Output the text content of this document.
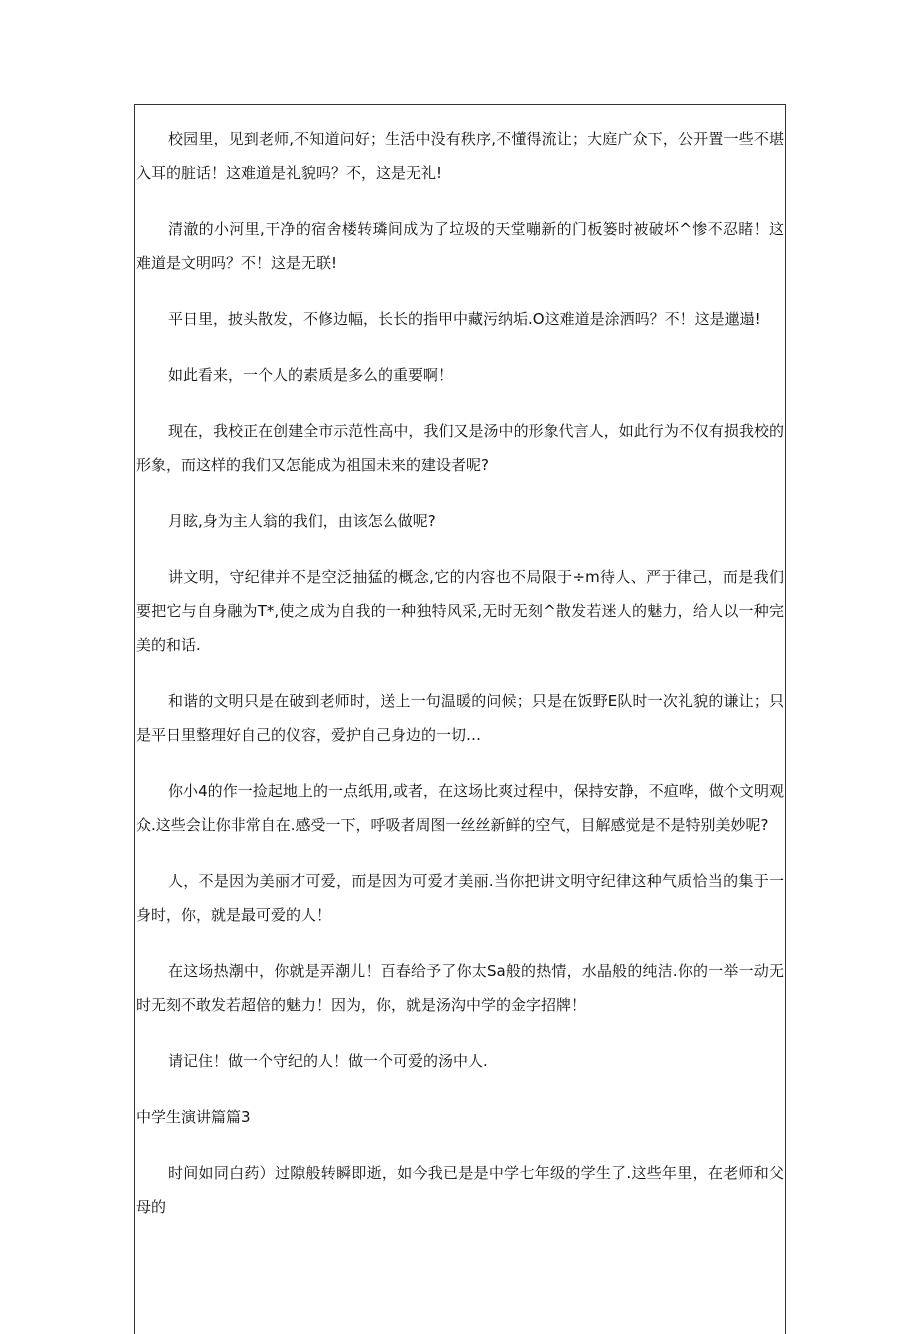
校园里，见到老师,不知道问好；生活中没有秩序,不懂得流让；大庭广众下，公开置一些不堪入耳的脏话！这难道是礼貌吗？不，这是无礼!

清澈的小河里,干净的宿舍楼转璘间成为了垃圾的天堂嘣新的门板篓时被破坏^惨不忍睹！这难道是文明吗？不！这是无联!

平日里，披头散发，不修边幅，长长的指甲中藏污纳垢.O这难道是涂洒吗？不！这是邋遢!

如此看来，一个人的素质是多么的重要啊！

现在，我校正在创建全市示范性高中，我们又是汤中的形象代言人，如此行为不仅有损我校的形象，而这样的我们又怎能成为祖国未来的建设者呢?

月眩,身为主人翁的我们，由该怎么做呢?

讲文明，守纪律并不是空泛抽猛的概念,它的内容也不局限于÷m待人、严于律己，而是我们要把它与自身融为T*,使之成为自我的一种独特风采,无时无刻^散发若迷人的魅力，给人以一种完美的和话.

和谐的文明只是在破到老师时，送上一句温暖的问候；只是在饭野E队时一次礼貌的谦让；只是平日里整理好自己的仪容，爱护自己身边的一切…

你小4的作一捡起地上的一点纸用,或者，在这场比爽过程中，保持安静，不疸哗，做个文明观众.这些会让你非常自在.感受一下，呼吸者周图一丝丝新鲜的空气，目解感觉是不是特别美妙呢?

人，不是因为美丽才可爱，而是因为可爱才美丽.当你把讲文明守纪律这种气质恰当的集于一身时，你，就是最可爱的人！

在这场热潮中，你就是弄潮儿！百春给予了你太Sa般的热情，水晶般的纯洁.你的一举一动无时无刻不敢发若超倍的魅力！因为，你，就是汤沟中学的金字招牌！

请记住！做一个守纪的人！做一个可爱的汤中人.

中学生演讲篇篇3

时间如同白药）过隙般转瞬即逝，如今我已是是中学七年级的学生了.这些年里，在老师和父母的
